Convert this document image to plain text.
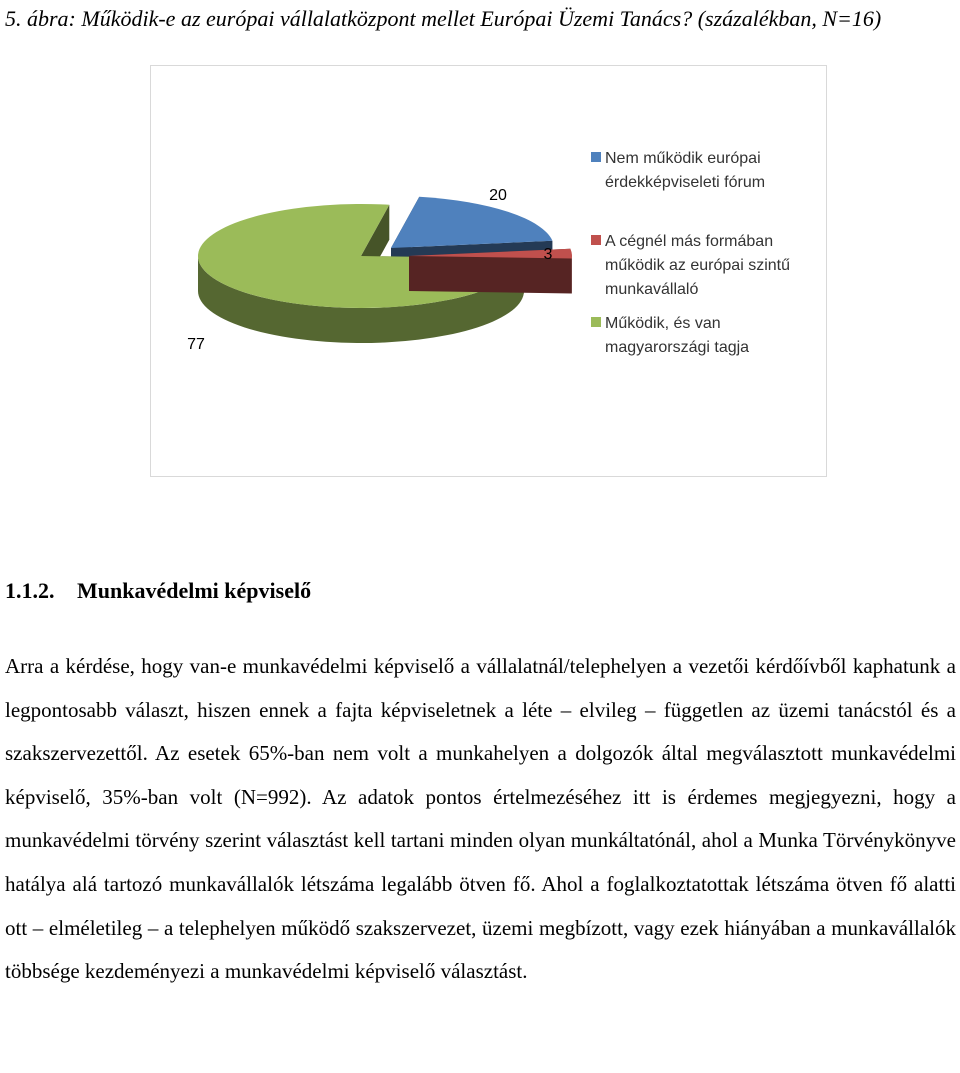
5. ábra: Működik-e az európai vállalatközpont mellet Európai Üzemi Tanács? (százalékban, N=16)
20
3
77
Nem működik európai
érdekképviseleti fórum
A cégnél más formában
működik az európai szintű
munkavállaló
Működik, és van
magyarországi tagja
1.1.2. Munkavédelmi képviselő
Arra a kérdése, hogy van-e munkavédelmi képviselő a vállalatnál/telephelyen a vezetői kérdőívből kaphatunk a legpontosabb választ, hiszen ennek a fajta képviseletnek a léte – elvileg – független az üzemi tanácstól és a szakszervezettől. Az esetek 65%-ban nem volt a munkahelyen a dolgozók által megválasztott munkavédelmi képviselő, 35%-ban volt (N=992). Az adatok pontos értelmezéséhez itt is érdemes megjegyezni, hogy a munkavédelmi törvény szerint választást kell tartani minden olyan munkáltatónál, ahol a Munka Törvénykönyve hatálya alá tartozó munkavállalók létszáma legalább ötven fő. Ahol a foglalkoztatottak létszáma ötven fő alatti ott – elméletileg – a telephelyen működő szakszervezet, üzemi megbízott, vagy ezek hiányában a munkavállalók többsége kezdeményezi a munkavédelmi képviselő választást.
